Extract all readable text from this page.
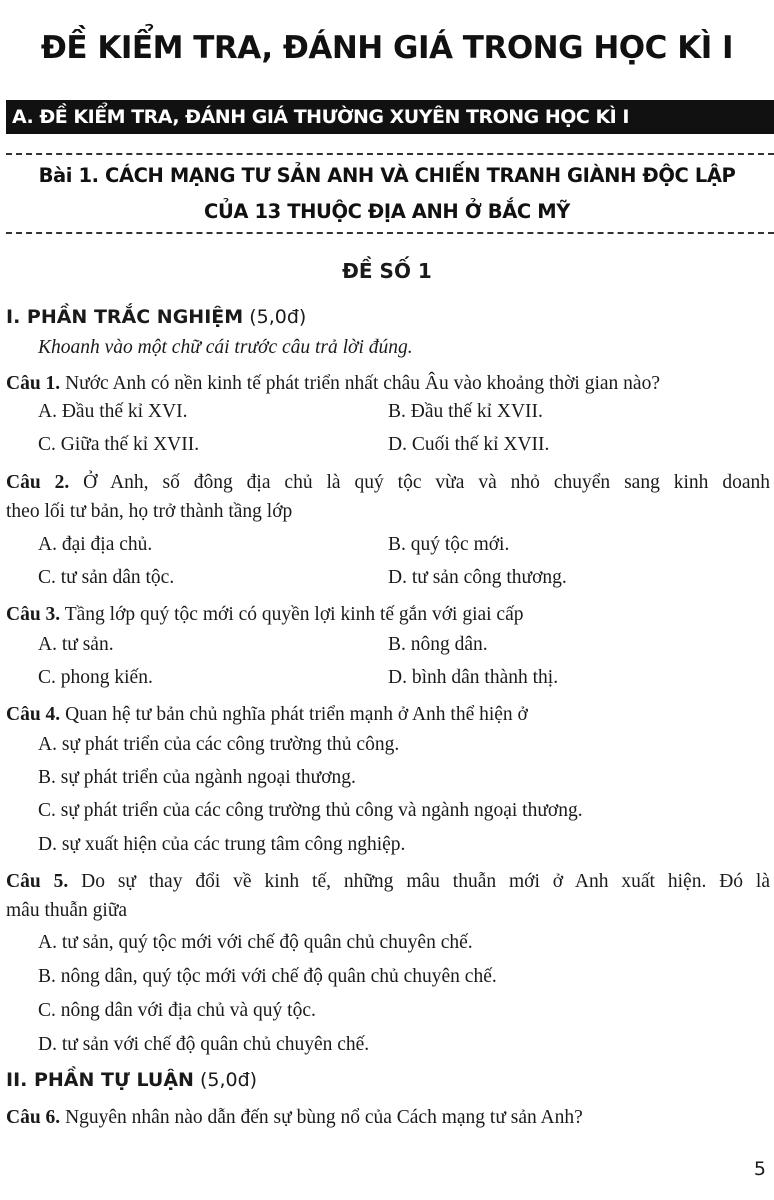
ĐỀ KIỂM TRA, ĐÁNH GIÁ TRONG HỌC KÌ I
A. ĐỀ KIỂM TRA, ĐÁNH GIÁ THƯỜNG XUYÊN TRONG HỌC KÌ I
Bài 1. CÁCH MẠNG TƯ SẢN ANH VÀ CHIẾN TRANH GIÀNH ĐỘC LẬP
CỦA 13 THUỘC ĐỊA ANH Ở BẮC MỸ
ĐỀ SỐ 1
I. PHẦN TRẮC NGHIỆM (5,0đ)
Khoanh vào một chữ cái trước câu trả lời đúng.
Câu 1. Nước Anh có nền kinh tế phát triển nhất châu Âu vào khoảng thời gian nào?
A. Đầu thế kỉ XVI.	B. Đầu thế kỉ XVII.
C. Giữa thế kỉ XVII.	D. Cuối thế kỉ XVII.
Câu 2. Ở Anh, số đông địa chủ là quý tộc vừa và nhỏ chuyển sang kinh doanh
theo lối tư bản, họ trở thành tầng lớp
A. đại địa chủ.	B. quý tộc mới.
C. tư sản dân tộc.	D. tư sản công thương.
Câu 3. Tầng lớp quý tộc mới có quyền lợi kinh tế gắn với giai cấp
A. tư sản.	B. nông dân.
C. phong kiến.	D. bình dân thành thị.
Câu 4. Quan hệ tư bản chủ nghĩa phát triển mạnh ở Anh thể hiện ở
A. sự phát triển của các công trường thủ công.
B. sự phát triển của ngành ngoại thương.
C. sự phát triển của các công trường thủ công và ngành ngoại thương.
D. sự xuất hiện của các trung tâm công nghiệp.
Câu 5. Do sự thay đổi về kinh tế, những mâu thuẫn mới ở Anh xuất hiện. Đó là
mâu thuẫn giữa
A. tư sản, quý tộc mới với chế độ quân chủ chuyên chế.
B. nông dân, quý tộc mới với chế độ quân chủ chuyên chế.
C. nông dân với địa chủ và quý tộc.
D. tư sản với chế độ quân chủ chuyên chế.
II. PHẦN TỰ LUẬN (5,0đ)
Câu 6. Nguyên nhân nào dẫn đến sự bùng nổ của Cách mạng tư sản Anh?
5
